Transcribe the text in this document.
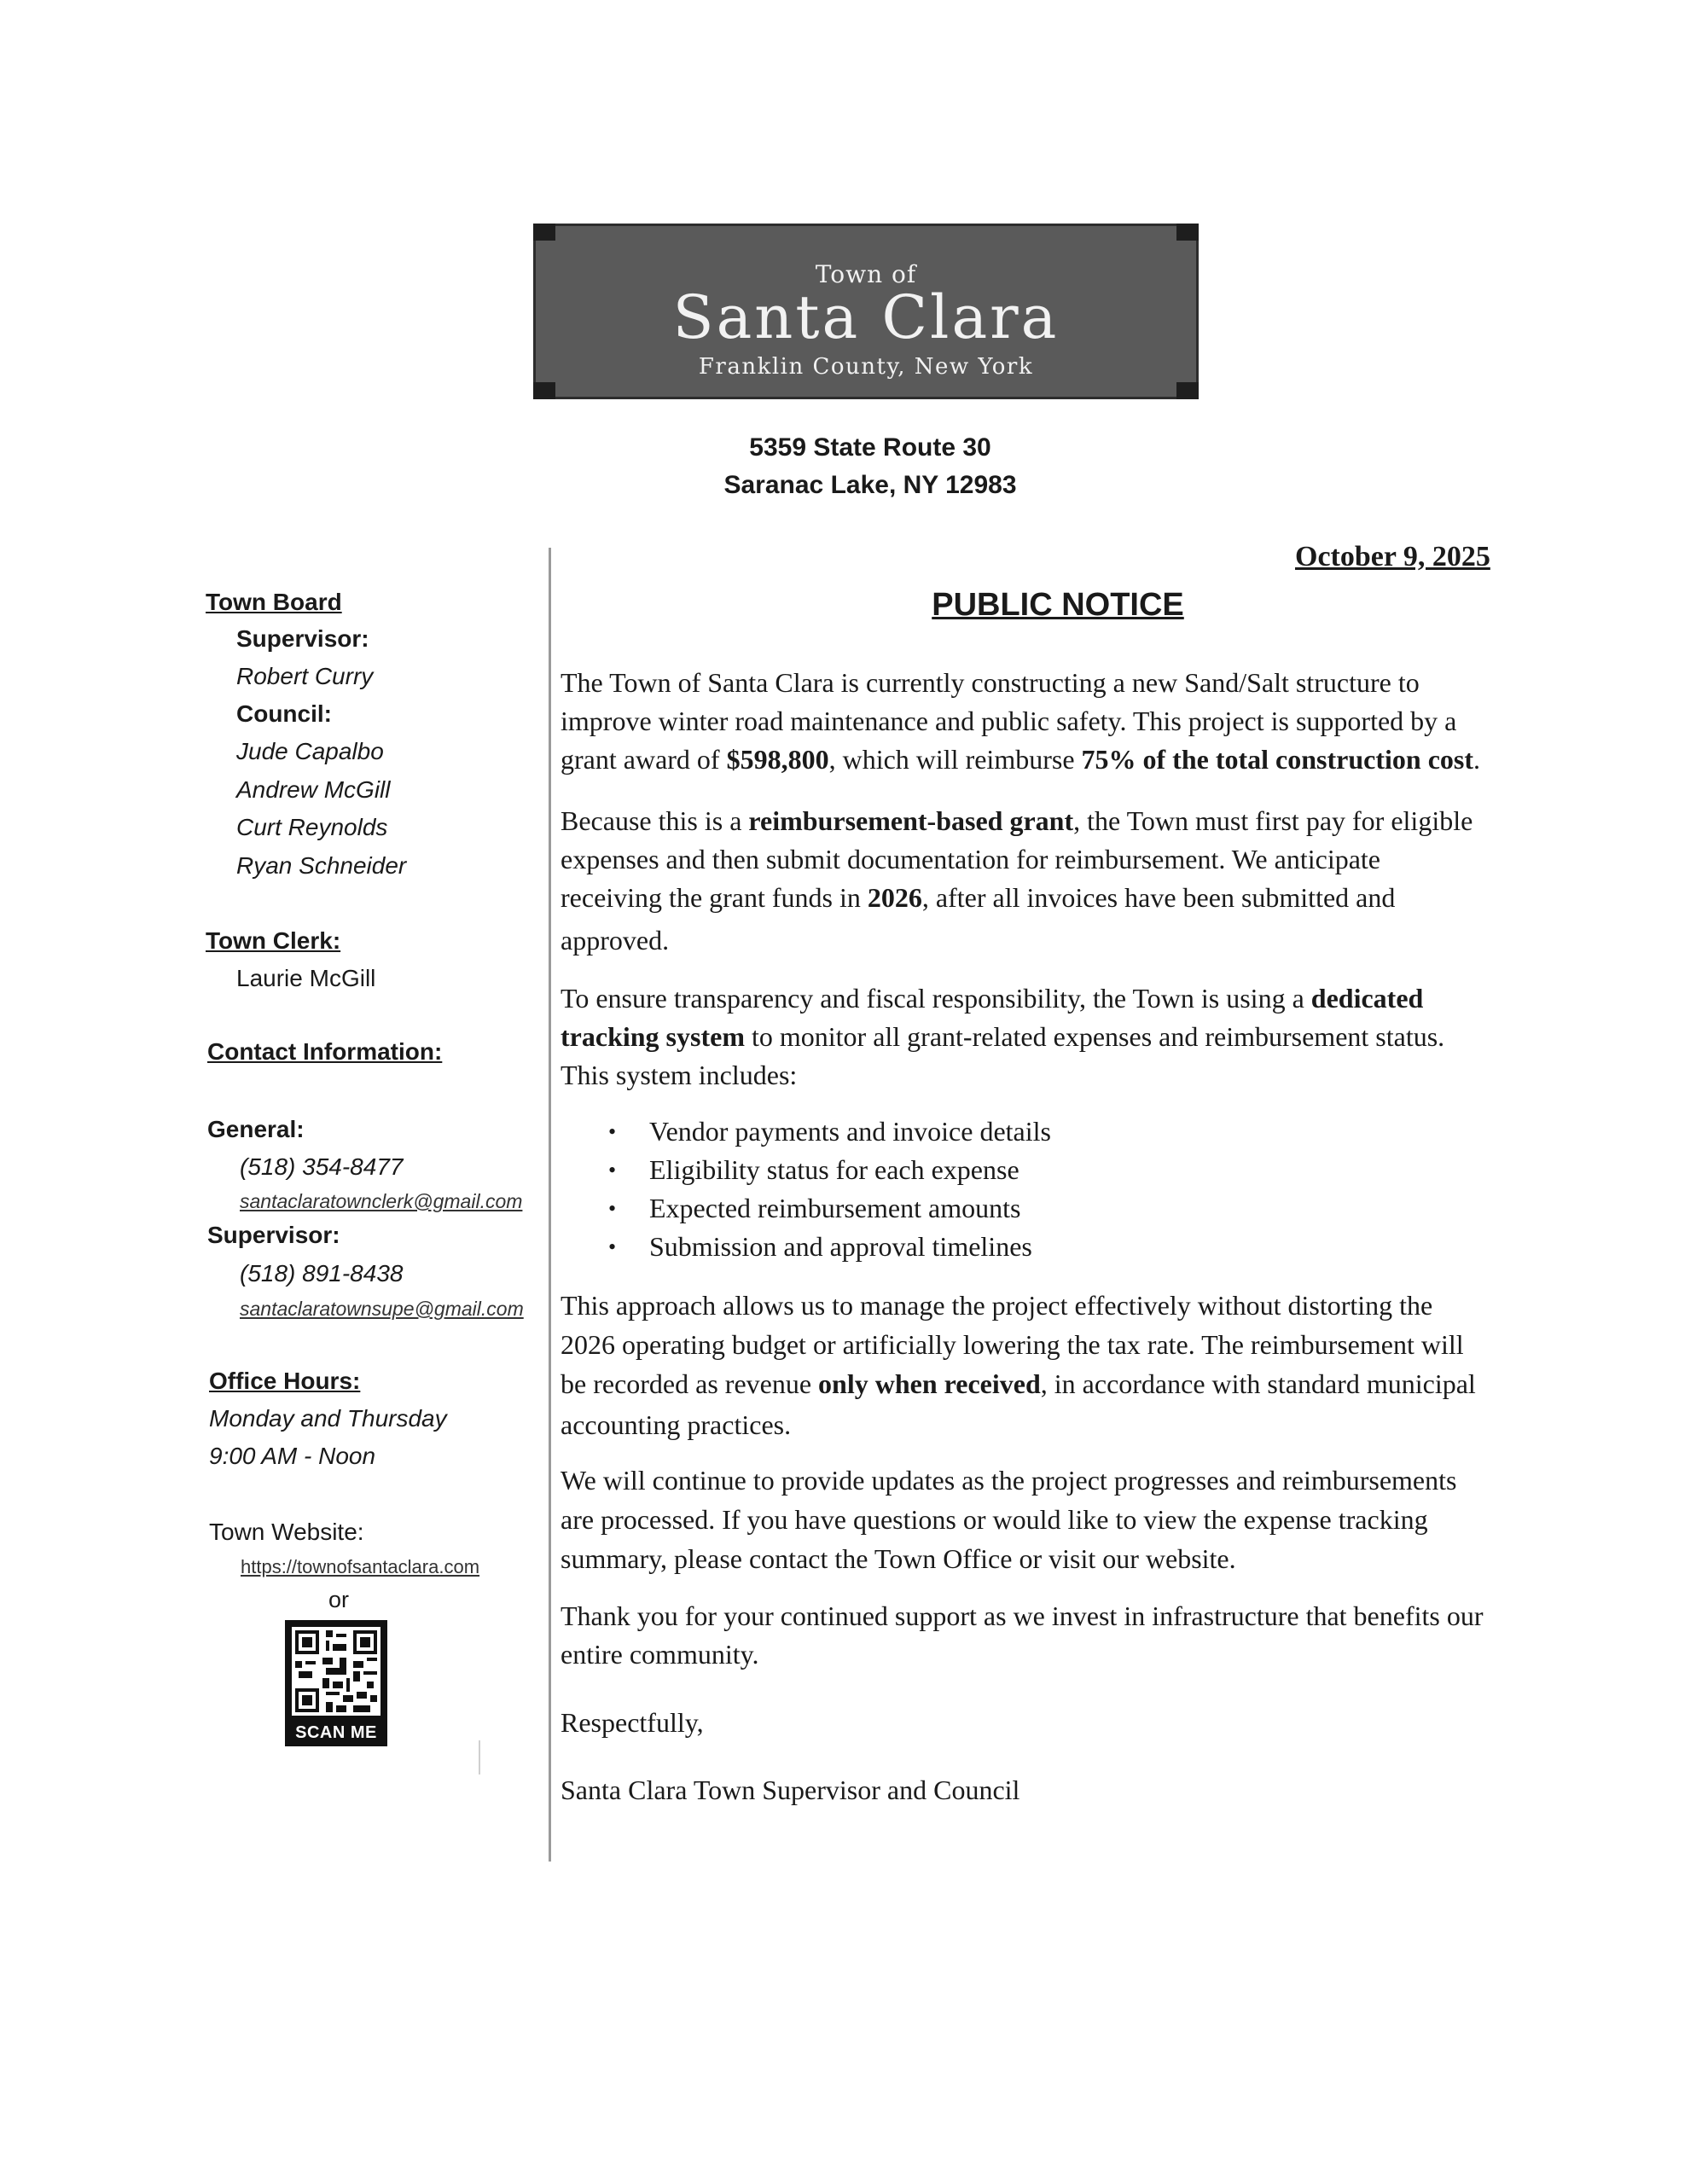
Town of
Santa Clara
Franklin County, New York
5359 State Route 30
Saranac Lake, NY 12983
Town Board
Supervisor:
Robert Curry
Council:
Jude Capalbo
Andrew McGill
Curt Reynolds
Ryan Schneider
Town Clerk:
Laurie McGill
Contact Information:
General:
(518) 354-8477
santaclaratownclerk@gmail.com
Supervisor:
(518) 891-8438
santaclaratownsupe@gmail.com
Office Hours:
Monday and Thursday
9:00 AM - Noon
Town Website:
https://townofsantaclara.com
or
SCAN ME
October 9, 2025
PUBLIC NOTICE
The Town of Santa Clara is currently constructing a new Sand/Salt structure to
improve winter road maintenance and public safety. This project is supported by a
grant award of $598,800, which will reimburse 75% of the total construction cost.
Because this is a reimbursement-based grant, the Town must first pay for eligible
expenses and then submit documentation for reimbursement. We anticipate
receiving the grant funds in 2026, after all invoices have been submitted and
approved.
To ensure transparency and fiscal responsibility, the Town is using a dedicated
tracking system to monitor all grant-related expenses and reimbursement status.
This system includes:
• Vendor payments and invoice details
• Eligibility status for each expense
• Expected reimbursement amounts
• Submission and approval timelines
This approach allows us to manage the project effectively without distorting the
2026 operating budget or artificially lowering the tax rate. The reimbursement will
be recorded as revenue only when received, in accordance with standard municipal
accounting practices.
We will continue to provide updates as the project progresses and reimbursements
are processed. If you have questions or would like to view the expense tracking
summary, please contact the Town Office or visit our website.
Thank you for your continued support as we invest in infrastructure that benefits our
entire community.
Respectfully,
Santa Clara Town Supervisor and Council
